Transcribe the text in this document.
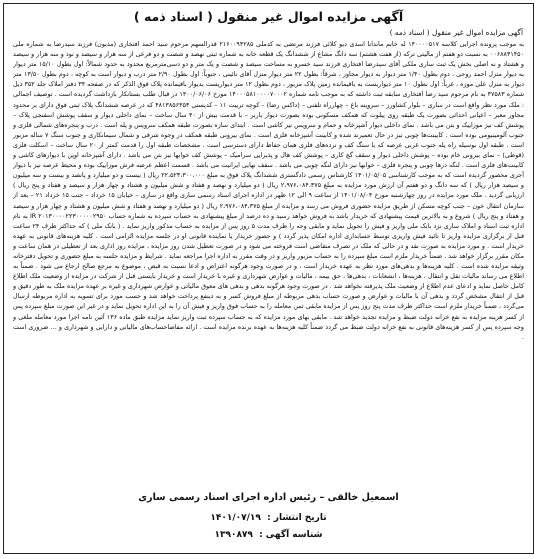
آگهی مزایده اموال غیر منقول ( اسناد ذمه )
آگهی مزایده اموال غیر منقول ( اسناد ذمه )

به موجب پرونده اجرایی کلاسه ۱۴۰۰۰۰۵۱۷ له خانم ماندانا اسدی دیو کلائی فرزند مرتضی به کدملی ۲۱۶۰۰۹۴۲۸۵ قدرالسهم مرحوم سید احمد افتخاری (مدیون) فرزند سیدرضا به شماره ملی ۰۰۶۸۸۴۱۴۵۰ به نسبت دو هفتم از مالیتی ترکه (از هفت هشتم) سه دانگ مشاع از ششدانگ یک قطعه خانه به شماره ثبتی نهصد و شصت و دو فرعی از سه هزار و سیصد و نود و سه هزار و سیصد و هشتاد و نه اصلی بخش یک ثبت ساری ملکی آقای سیدرضا افتخاری فرزند سید خسرو به مساحت سیصد و شصت و یک متر و دو دسی‌مترمربع محدود به حدود شمالاً: اول بطول ۱۵/۱۰ متر دیوار به دیوار منزل احمد روحی ، دوم بطول ۱/۴۰ متر دیوار به دیوار مجاور ، شرقاً: بطول ۲۲ متر دیوار منزل آقای نائینی ، جنوباً: اول بطول ۲/۹۰ متر درب و دیوار است به کوچه ، دوم بطول ۱۳/۵۰ متر دیوار به منزل علی موزه ، غرباً: اول بطول ۱۰ متر دیواریست به باقیمانده زمین پلاک مزبور ، دوم بطول ۱۲ متر دیواریست بدیوار باقیمانده پلاک فوق الذکر که در صفحه ۳۴ دفتر املاک جلد ۳۵۲ ذیل شماره ۴۷۵۸۳ به نام مرحوم سید رضا افتخاری سابقه ثبت داشته که به موجب نامه شماره ۱۴۰۰۰۵۸۱۰۰۰۰۷۰۰۰۲ مورخ ۱۴۰۰/۰۶/۰۶ در قبال طلب بستانکار بازداشت گردیده است . توصیف اجمالی : ملک مورد نظر واقع است در ساری – بلوار کشاورز – سروینه باغ – چهارراه تلفنی – (داکس رضا) – کوچه تربیت ۱۱ – کدپستی ۴۸۱۳۸۵۶۳۵۳ که در عرصه ششدانگ پلاک ثبتی فوق دارای بر محدود مجاور معبر – اعیانی احداثی بصورت یک طبقه روی پیلوت که همکف مسکونی بوده بصورت دیوار باربر – با قدمت بیش از ۴۰ سال ساخت – نمای داخلی دیوار و سقف پوشش اسفنجی پلاک – پوشش کف نیز موزاییک و بتن می باشد . نمای داخلی دیوار آشپزخانه و حمام و سرویس نیز کاشی است . ابتدای سازه بصورت طبقه همکف سرویس و پله است . درب و پنجره‌های شمالی فلزی و جنوب آلومینیومی بوده است . کابینت‌ها چوبی نیز در حال تعمیرند شده و کابینت آشپزخانه فلزی است . نمای بیرونی طبقه همکف در وجوه شرقی و شمال سیمانکاری و جنوب سنگ ۷ ساله مزبور است . طبقه اول بوسیله راه پله جنوب غربی عرصه که با سنگ کف و نرده‌های فلزی همان حفاظ دارای دسترسی است . مشخصات طبقه اول را قدمت کمتر از ۲۰ سال ساخت – اسکلت فلزی (قوطی) – نمای بیرونی خام بوده – پوشش داخلی دیوار و سقف گچ کاری – پوشش کف هال و پذیرایی سرامیک – پوشش کف خوابها نیز بتن می باشد . دارای آشپزخانه اوپن با دیوارهای کاشی و کابینت‌های فلزی است . لنگه درها چوبی و پنجره فلزی – خوابها نیز دارای لنگه چوبی می باشد . سقف نهایی ایرانیت می باشد . قسمت اعظم عرصه فرش موزاییک بوده و محیط عرصه نیز با دیوار آجری محصور گردیده است که به موجب کارشناسی ۱۴۰۱/۰۵/۰۵ کارشناس رسمی دادگستری ششدانگ پلاک فوق به مبلغ ۲۲،۵۲۳،۳۰۰،۰۰۰ ریال ( بیست و دو میلیارد و پانصد و بیست و سه میلیون و سیصد هزار ریال ) که سه دانگ و دو هفتم آن ارزش مورد مزایده به مبلغ ۲،۹۷۶،۰۸۴،۳۷۵ ریال ( دو میلیارد و نهصد و هفتاد و شش میلیون و هشتاد و چهار هزار و سیصد و هفتاد و پنج ریال ) ارزیابی گردید . ملک مورد مزایده در روز چهارشنبه مورخ ۱۴۰۱/۰۸/۰۴ از ساعت ۹ الی ۱۲ ظهر در اداره اجرای اسناد رسمی ساری واقع در ساری – خیابان ۱۵ خرداد – جنب ۱۵ خرداد ۲۱ – بعد از سازمان انتقال خون – جنب کوچه مسکن از طریق مزایده حضوری فروش می رسد و مزایده از مبلغ ۲،۹۷۶،۰۸۴،۳۷۵ ریال ( دو میلیارد و نهصد و هفتاد و شش میلیون و هشتاد و چهار هزار و سیصد و هفتاد و پنج ریال ) شروع و به بالاترین قیمت پیشنهادی که خریدار باشد به فروش خواهد رسید و ده درصد از مبلغ پیشنهادی به حساب سپرده به شماره حساب ۲۰۱۳۰۰۰۰۲۲۳۰۰۰۰۰۲۹۵۰ IR به نام اداره ثبت اسناد و املاک ساری نزد بانک ملی واریز و فیش را تحویل نماید و مابقی وجه را ظرف مدت ۵ روز پس از مزایده به حساب مذکور واریز نماید . ( بانک ملی ) که حداکثر ظرف ۲۴ ساعت قبل از برگزاری مزایده واریز تا تائید فیش واریزی توسط حسابداری اداره امکان پذیر گردد ) و حضور خریدار یا نماینده قانونی او در جلسه مزایده الزامی است . کلیه هزینه‌های قانونی به عهده خریدار است . و مورد مزایده به صورت نقد و در حالی که ملک در تصرف متقاضی است فروخته می شود و در صورت تعطیل شدن روز مزایده ، مزایده روز اداری بعد از تعطیلی در همان ساعت و مکان مقرر برگزار خواهد شد . ضمناً خریدار ملزم است مبلغ سپرده را به حساب مزبور واریز و در وقت مقرر به اداره اجرا مراجعه نماید . شرایط و مزایده جلسه به مبلغ حضوری و تحویل دفترخانه وثیقه مزایده شده است . کلیه هزینه‌ها و بدهی‌های مورد نظر به عهده خریدار است ، و در صورت وجود هرگونه اعتراض و ادعا نسبت به قبض ، موضوع به مرجع صالح ارجاع می شود . ضمناً به اطلاع می رساند مالیات نقل و انتقال ، هزینه‌ها ، انشعابات ، بدهی‌ها ، حق بیمه ، مالیات و عوارض شهرداری و غیره با خریدار است و خریدار بایستی قبل از شرکت در مزایده از وضعیت ملک اطلاع کامل حاصل نماید و ادعای عدم اطلاع از وضعیت ملک پذیرفته نخواهد شد . در صورت وجود هرگونه بدهی و بدهی های معوق مالیاتی و عوارض شهرداری و غیره بر عهده مزایده ملک به طور دقیق و قبل از انتقال مشخص گردد و بدهی آن با مالیات و عوارض و صورت حساب بدهی مربوطه از مبلغ فروش کسر و به ذینفع پرداخت خواهد شد و حسب مورد برای تسویه به اداره مربوطه ارسال می‌گردد ، ضمناً خریدار ملزم است حداکثر ظرف مدت پنج روز پس از مزایده مابقی ثمن معامله را به حساب فوق واریز و فیش آن را به این اداره تحویل نماید و در غیر این صورت مبلغ سپرده پس از کسر هزینه مزایده به نفع خزانه دولت ضبط و مزایده تجدید خواهد شد . مابقی بهای مورد مزایده که به حساب سپرده ثبت واریز نماید مزایده طبق ماده ۱۳۶ آئین نامه اجرا مورد معامله ملغی و وجه سپرده پس از کسر هزینه‌های قانونی به نفع خزانه دولت ضبط می گردد ضمناً کلیه هزینه‌ها به عهده برنده مزایده است . ارائه مفاصاحساب‌های مالیاتی و دارایی و شهرداری و … ضروری است .

اسمعیل خالقی – رئیس اداره اجرای اسناد رسمی ساری
تاریخ انتشار : ۱۴۰۱/۰۷/۱۹
شناسه آگهی : ۱۳۹۰۸۷۹
